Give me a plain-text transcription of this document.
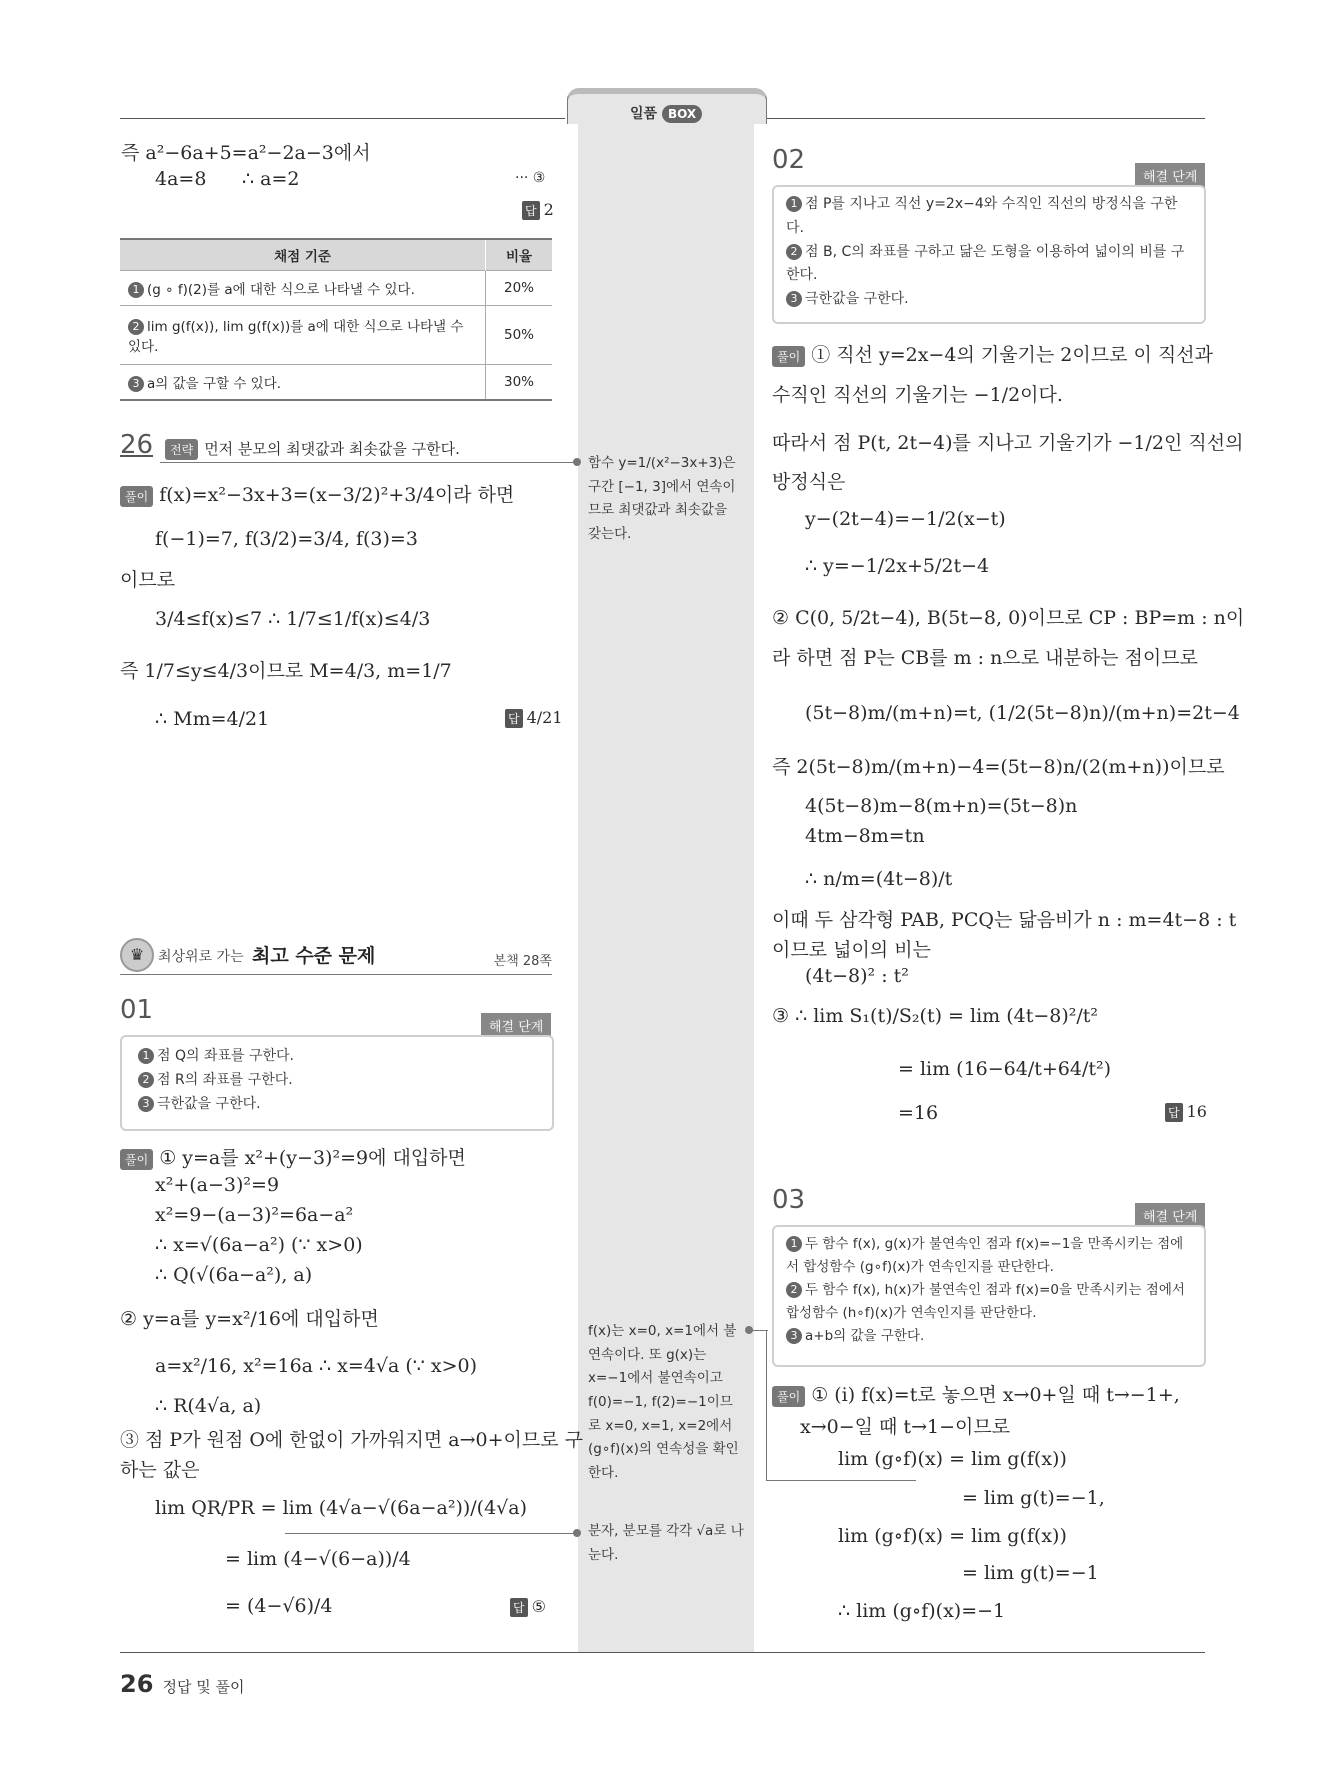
일품 BOX
즉 a²−6a+5=a²−2a−3에서
4a=8 ∴ a=2	··· ③
답 2
채점 기준	비율
1 (g ∘ f)(2)를 a에 대한 식으로 나타낼 수 있다.	20%
2 lim g(f(x)), lim g(f(x))를 a에 대한 식으로 나타낼 수 있다.	50%
3 a의 값을 구할 수 있다.	30%
26	전략 먼저 분모의 최댓값과 최솟값을 구한다.
풀이 f(x)=x²−3x+3=(x−3/2)²+3/4이라 하면
f(−1)=7, f(3/2)=3/4, f(3)=3
이므로
3/4≤f(x)≤7 ∴ 1/7≤1/f(x)≤4/3
즉 1/7≤y≤4/3이므로 M=4/3, m=1/7
∴ Mm=4/21	답 4/21
♛ 최상위로 가는 최고 수준 문제	본책 28쪽
01
해결 단계
1 점 Q의 좌표를 구한다.
2 점 R의 좌표를 구한다.
3 극한값을 구한다.
풀이 ① y=a를 x²+(y−3)²=9에 대입하면
x²+(a−3)²=9
x²=9−(a−3)²=6a−a²
∴ x=√(6a−a²) (∵ x>0)
∴ Q(√(6a−a²), a)
② y=a를 y=x²/16에 대입하면
a=x²/16, x²=16a ∴ x=4√a (∵ x>0)
∴ R(4√a, a)
③ 점 P가 원점 O에 한없이 가까워지면 a→0+이므로 구
하는 값은
lim QR/PR = lim (4√a−√(6a−a²))/(4√a)
= lim (4−√(6−a))/4
= (4−√6)/4	답 ⑤
함수 y=1/(x²−3x+3)은 구간 [−1, 3]에서 연속이므로 최댓값과 최솟값을 갖는다.
f(x)는 x=0, x=1에서 불연속이다. 또 g(x)는 x=−1에서 불연속이고 f(0)=−1, f(2)=−1이므로 x=0, x=1, x=2에서 (g∘f)(x)의 연속성을 확인한다.
분자, 분모를 각각 √a로 나눈다.
02
해결 단계
1 점 P를 지나고 직선 y=2x−4와 수직인 직선의 방정식을 구한다.
2 점 B, C의 좌표를 구하고 닮은 도형을 이용하여 넓이의 비를 구한다.
3 극한값을 구한다.
풀이 ① 직선 y=2x−4의 기울기는 2이므로 이 직선과
수직인 직선의 기울기는 −1/2이다.
따라서 점 P(t, 2t−4)를 지나고 기울기가 −1/2인 직선의
방정식은
y−(2t−4)=−1/2(x−t)
∴ y=−1/2x+5/2t−4
② C(0, 5/2t−4), B(5t−8, 0)이므로 CP : BP=m : n이
라 하면 점 P는 CB를 m : n으로 내분하는 점이므로
(5t−8)m/(m+n)=t, (1/2(5t−8)n)/(m+n)=2t−4
즉 2(5t−8)m/(m+n)−4=(5t−8)n/(2(m+n))이므로
4(5t−8)m−8(m+n)=(5t−8)n
4tm−8m=tn
∴ n/m=(4t−8)/t
이때 두 삼각형 PAB, PCQ는 닮음비가 n : m=4t−8 : t
이므로 넓이의 비는
(4t−8)² : t²
③ ∴ lim S₁(t)/S₂(t) = lim (4t−8)²/t²
= lim (16−64/t+64/t²)
=16	답 16
03
해결 단계
1 두 함수 f(x), g(x)가 불연속인 점과 f(x)=−1을 만족시키는 점에서 합성함수 (g∘f)(x)가 연속인지를 판단한다.
2 두 함수 f(x), h(x)가 불연속인 점과 f(x)=0을 만족시키는 점에서 합성함수 (h∘f)(x)가 연속인지를 판단한다.
3 a+b의 값을 구한다.
풀이 ① (i) f(x)=t로 놓으면 x→0+일 때 t→−1+,
x→0−일 때 t→1−이므로
lim (g∘f)(x) = lim g(f(x))
= lim g(t)=−1,
lim (g∘f)(x) = lim g(f(x))
= lim g(t)=−1
∴ lim (g∘f)(x)=−1
26 정답 및 풀이
